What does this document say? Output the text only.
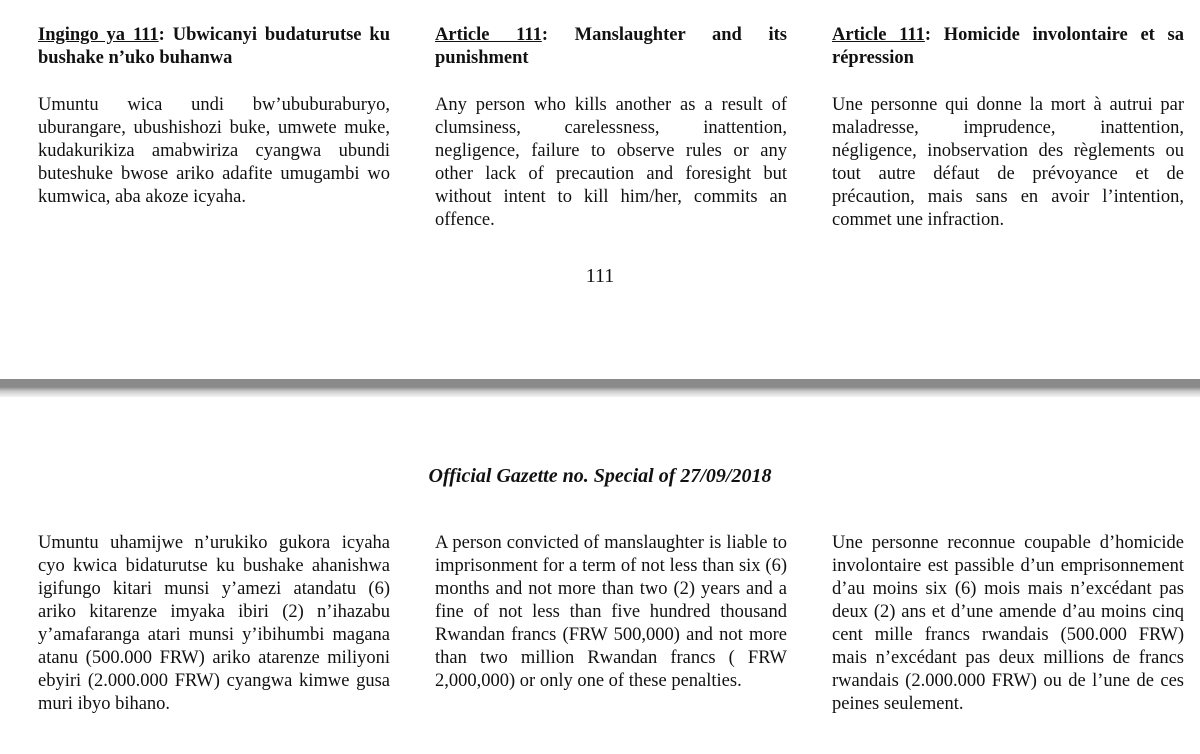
Ingingo ya 111: Ubwicanyi budaturutse ku bushake n’uko buhanwa
Article 111: Manslaughter and its punishment
Article 111: Homicide involontaire et sa répression
Umuntu wica undi bw’ububuraburyo, uburangare, ubushishozi buke, umwete muke, kudakurikiza amabwiriza cyangwa ubundi buteshuke bwose ariko adafite umugambi wo kumwica, aba akoze icyaha.
Any person who kills another as a result of clumsiness, carelessness, inattention, negligence, failure to observe rules or any other lack of precaution and foresight but without intent to kill him/her, commits an offence.
Une personne qui donne la mort à autrui par maladresse, imprudence, inattention, négligence, inobservation des règlements ou tout autre défaut de prévoyance et de précaution, mais sans en avoir l’intention, commet une infraction.
111
Official Gazette no. Special of 27/09/2018
Umuntu uhamijwe n’urukiko gukora icyaha cyo kwica bidaturutse ku bushake ahanishwa igifungo kitari munsi y’amezi atandatu (6) ariko kitarenze imyaka ibiri (2) n’ihazabu y’amafaranga atari munsi y’ibihumbi magana atanu (500.000 FRW) ariko atarenze miliyoni ebyiri (2.000.000 FRW) cyangwa kimwe gusa muri ibyo bihano.
A person convicted of manslaughter is liable to imprisonment for a term of not less than six (6) months and not more than two (2) years and a fine of not less than five hundred thousand Rwandan francs (FRW 500,000) and not more than two million Rwandan francs ( FRW 2,000,000) or only one of these penalties.
Une personne reconnue coupable d’homicide involontaire est passible d’un emprisonnement d’au moins six (6) mois mais n’excédant pas deux (2) ans et d’une amende d’au moins cinq cent mille francs rwandais (500.000 FRW) mais n’excédant pas deux millions de francs rwandais (2.000.000 FRW) ou de l’une de ces peines seulement.
